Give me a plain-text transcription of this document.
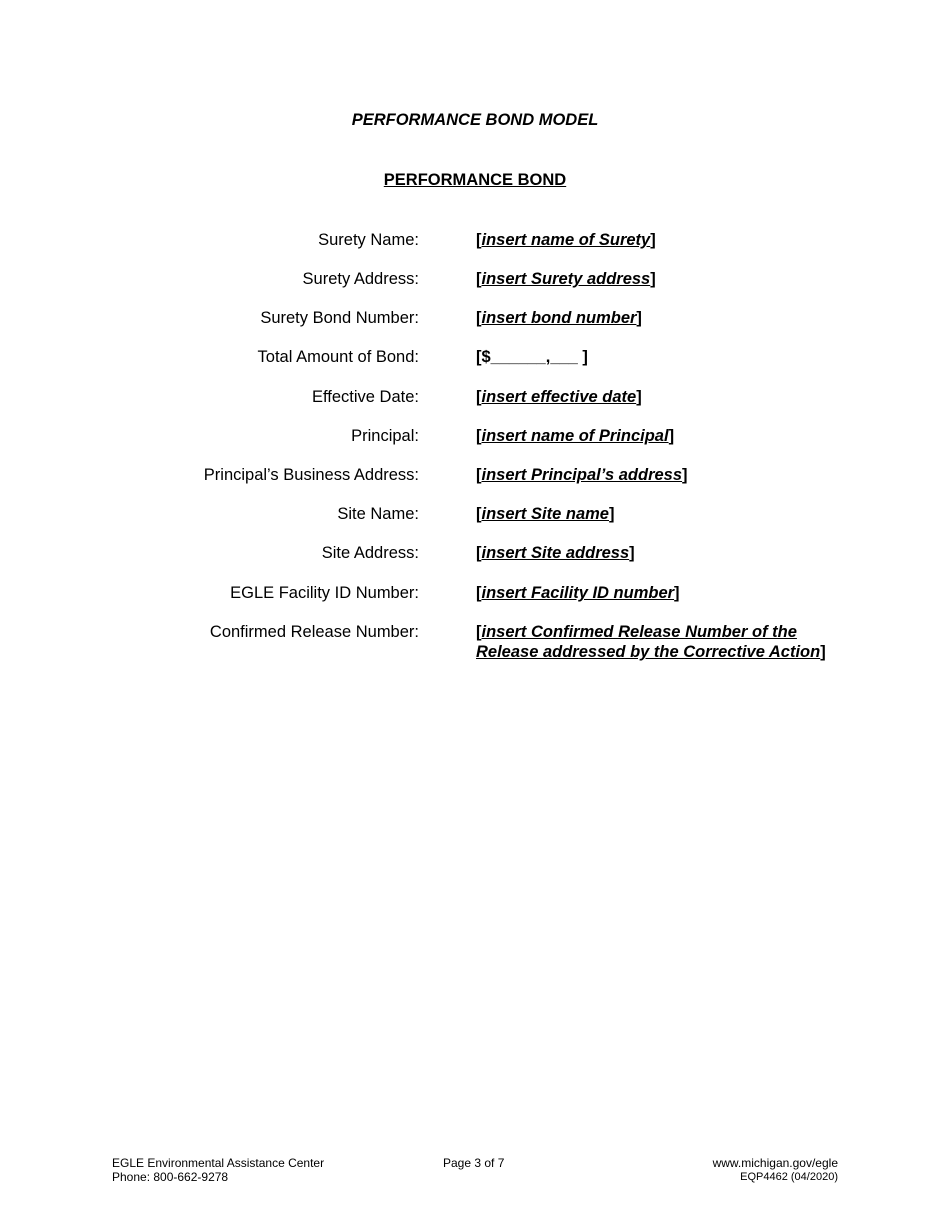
PERFORMANCE BOND MODEL
PERFORMANCE BOND
Surety Name:	[insert name of Surety]
Surety Address:	[insert Surety address]
Surety Bond Number:	[insert bond number]
Total Amount of Bond:	[$______,___ ]
Effective Date:	[insert effective date]
Principal:	[insert name of Principal]
Principal’s Business Address:	[insert Principal’s address]
Site Name:	[insert Site name]
Site Address:	[insert Site address]
EGLE Facility ID Number:	[insert Facility ID number]
Confirmed Release Number:	[insert Confirmed Release Number of the
Release addressed by the Corrective Action]
EGLE Environmental Assistance Center
Phone: 800-662-9278
Page 3 of 7	www.michigan.gov/egle
EQP4462 (04/2020)
